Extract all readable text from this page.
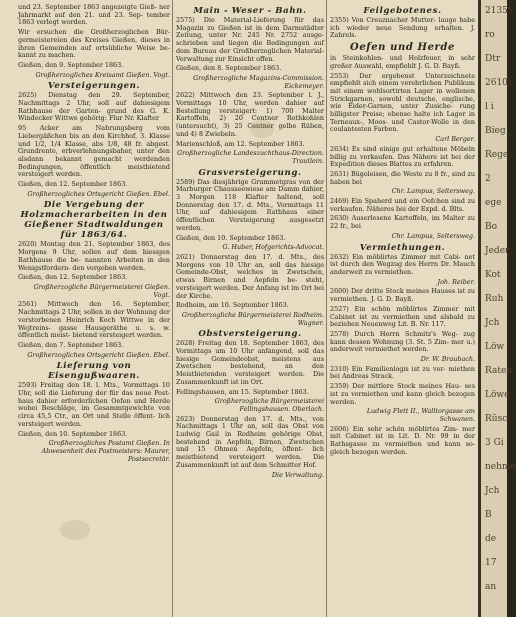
und 23. September 1863 angezeigte Gieß- ner Jahrmarkt auf den 21. und 23. Sep- tember 1863 verlegt worden.
Wir ersuchen die Großherzoglichen Bür- germeistereien des Kreises Gießen, dieses in ihren Gemeinden auf ortsübliche Weise be- kannt zu machen.
Gießen, den 9. September 1863.
Großherzogliches Kreisamt Gießen. Vogt.
Versteigerungen.
2625) Dienstag den 29. September, Nachmittags 2 Uhr, soll auf dahiesigem Rathhause der Garten- grund des G. K. Windecker Wittwe gehörig: Flur Nr. Klafter
95 Acker am Nahrungsberg vom Liebergäßchen bis an den Kirchhof, 3. Klasse und 1/2, 1/4 Klasse, abs 1/8, 48 fr. abgest. Grundrente, erbverlehnungsbaher, unter den alsdann bekannt gemacht werdenden Bedingungen, öffentlich meistbietend versteigert werden.
Gießen, den 12. September 1863.
Großherzogliches Ortsgericht Gießen. Ebel.
Die Vergebung der Holzmacherarbeiten in den Gießener Stadtwaldungen für 1863/64.
2620) Montag den 21. September 1863, des Morgens 9 Uhr, sollen auf dem hiesigen Rathhause die be- nannten Arbeiten in den Wenigstfordern- den vergeben werden.
Gießen, den 12. September 1863.
Großherzogliche Bürgermeisterei Gießen. Vogt.
2561) Mittwoch den 16. September, Nachmittags 2 Uhr, sollen in der Wohnung der verstorbenen Heinrich Koch Wittwe in der Wejtreins- gasse Hausgeräthe u. s. w. öffentlich meist- bietend versteigert werden.
Gießen, den 7. September 1863.
Großherzogliches Ortsgericht Gießen. Ebel.
Lieferung von Eisengußwaaren.
2593) Freitag den 18. l. Mts., Vormittags 10 Uhr, soll die Lieferung der für das neue Post- haus dahier erforderlichen Oefen und Herde wobei Beschläge, im Gesammtgewichte von circa 45,5 Ctr., an Ort und Stelle öffent- lich versteigert werden.
Gießen, den 10. September 1863.
Großherzogliches Postamt Gießen. In Abwesenheit des Postmeisters: Maurer, Postsecretär.
Main - Weser - Bahn.
2575) Die Material-Lieferung für das Magazin zu Gießen ist in dem Darmstädter Zeitung, unter Nr. 245 Nr. 2752 ausge- schrieben und liegen die Bedingungen auf dem Bureau der Großherzoglichen Material- Verwaltung zur Einsicht offen.
Gießen, den 8. September 1863.
Großherzogliche Magazins-Commission. Eickemeyer.
2622) Mittwoch den 23. September l. J., Vormittags 10 Uhr, werden dahier auf Bestellung versteigert: 1) 700 Malter Kartoffeln, 2) 20 Centner Rothkohlen (untersucht), 3) 25 Centner gelbe Rüben, und 4) 8 Zwiebeln.
Marienschloß, am 12. September 1863.
Großherzogliche Landeszuchthaus-Direction. Trautlein.
Grasversteigerung.
2589) Das diesjährige Grummetgras von der Marburger Chausseewiese am Damm dahier, 3 Morgen 118 Klafter haltend, soll Donnerstag den 17. d. Mts., Vormittags 11 Uhr, auf dahiesigem Rathhaus einer öffentlichen Versteigerung ausgesetzt werden.
Gießen, den 10. September 1863.
G. Huber, Hofgerichts-Advocat.
2621) Donnerstag den 17. d. Mts., des Morgens von 10 Uhr an, soll das hiesige Gemeinde-Obst, welches in Zwetschen, etwas Birnen und Aepfeln be- steht, versteigert werden. Der Anfang ist im Ort bei der Kirche.
Rodheim, am 10. September 1863.
Großherzogliche Bürgermeisterei Rodheim. Wagner.
Obstversteigerung.
2628) Freitag den 18. September 1863, des Vormittags um 10 Uhr anfangend, soll das hiesige Gemeindeobst, meistens aus Zwetschen bestehend, an den Meistbietenden versteigert werden. Die Zusammenkunft ist im Ort.
Fellingshausen, am 15. September 1863.
Großherzogliche Bürgermeisterei Fellingshausen. Oberlach.
2623) Donnerstag den 17. d. Mts., von Nachmittags 1 Uhr an, soll das Obst von Ludwig Gail in Rodheim gehörige Obst, bestehend in Aepfeln, Birnen, Zwetschen und 15 Ohmen Aepfeln, öffent- lich meistbietend versteigert werden. Die Zusammenkunft ist auf dem Schmitter Hof.
Die Verwaltung.
Feilgebotenes.
2355) Von Creuznacher Mutter- lauge habe ich wieder neue Sendung erhalten. J. Zahrels.
Oefen und Herde
in Steinkohlen- und Holzfeuer, in sehr großer Auswahl, empfiehlt J. G. D. Bayß.
2553) Der ergebenst Unterzeichnete empfiehlt sich einem verehrlichen Publikum mit einem wohlsortirten Lager in wollenen Strickgarnen, sowohl deutsche, englische, wie Eider-Garnen, unter Zusiche- rung billigster Preise; ebenso halte ich Lager in Terneaux-, Moos- und Castor-Wolle in den coulantesten Farben.
Carl Berger.
2634) Es sind einige gut erhaltene Möbeln billig zu verkaufen. Das Nähere ist bei der Expedition dieses Blattes zu erfahren.
2631) Bügeleisen, die Weste zu 8 fr., sind zu haben bei
Chr. Lampus, Seltersweg.
2469) Ein Spaherd und ein Oefchen sind zu verkaufen. Näheres bei der Expd. d. Blts.
2630) Auserlesene Kartoffeln, im Malter zu 22 fr., bei
Chr. Lampus, Seltersweg.
Vermiethungen.
2632) Ein möblirtes Zimmer mit Cabi- net ist durch den Wegzug des Herrn Dr. Mauch anderweit zu vermiethen.
Joh. Reiber.
2600) Der dritte Stock meines Hauses ist zu vermiethen. J. G. D. Bayß.
2527) Ein schön möblirtes Zimmer mit Cabinet ist zu vermiethen und alsbald zu beziehen Neuenweg Lit. B. Nr. 117.
2578) Durch Herrn Schmitz's Weg- zug kann dessen Wohnung (3. St. 5 Zim- mer u.) anderweit vermiethet werden.
Dr. W. Braubach.
2310) Ein Familienlogis ist zu ver- miethen bei Andreas Strack.
2359) Der mittlere Stock meines Hau- ses ist zu vermiethen und kann gleich bezogen werden.
Ludwig Flett II., Walltorgasse am Schwanen.
2606) Ein sehr schön möblirtes Zim- mer mit Cabinet ist in Lit. D. Nr. 99 in der Rathsgasse zu vermiethen und kann so- gleich bezogen werden.
2135)
ro
Dtr
2610)
l i
Bieg
Rege
2
ege
Bo
Jeder
Kot
Ruh
Jch
Löw
Raten
Löwe
Rüsc
3 Gi
nehme
Jch
B
de
17
an
